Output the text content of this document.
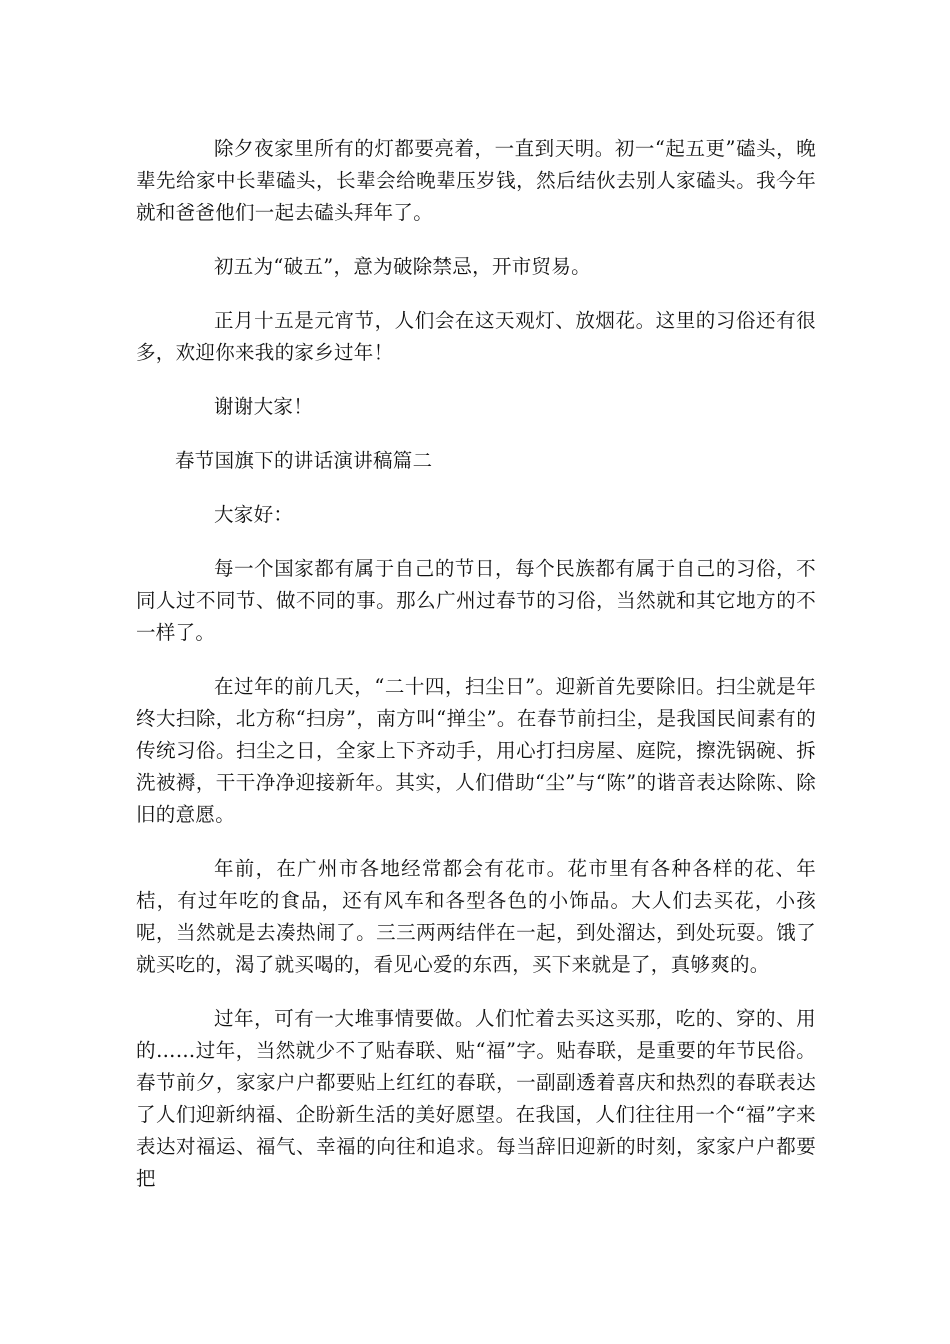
除夕夜家里所有的灯都要亮着，一直到天明。初一“起五更”磕头，晚辈先给家中长辈磕头，长辈会给晚辈压岁钱，然后结伙去别人家磕头。我今年就和爸爸他们一起去磕头拜年了。

初五为“破五”，意为破除禁忌，开市贸易。

正月十五是元宵节，人们会在这天观灯、放烟花。这里的习俗还有很多，欢迎你来我的家乡过年！

谢谢大家！

春节国旗下的讲话演讲稿篇二

大家好：

每一个国家都有属于自己的节日，每个民族都有属于自己的习俗，不同人过不同节、做不同的事。那么广州过春节的习俗，当然就和其它地方的不一样了。

在过年的前几天，“二十四，扫尘日”。迎新首先要除旧。扫尘就是年终大扫除，北方称“扫房”，南方叫“掸尘”。在春节前扫尘，是我国民间素有的传统习俗。扫尘之日，全家上下齐动手，用心打扫房屋、庭院，擦洗锅碗、拆洗被褥，干干净净迎接新年。其实，人们借助“尘”与“陈”的谐音表达除陈、除旧的意愿。

年前，在广州市各地经常都会有花市。花市里有各种各样的花、年桔，有过年吃的食品，还有风车和各型各色的小饰品。大人们去买花，小孩呢，当然就是去凑热闹了。三三两两结伴在一起，到处溜达，到处玩耍。饿了就买吃的，渴了就买喝的，看见心爱的东西，买下来就是了，真够爽的。

过年，可有一大堆事情要做。人们忙着去买这买那，吃的、穿的、用的……过年，当然就少不了贴春联、贴“福”字。贴春联，是重要的年节民俗。春节前夕，家家户户都要贴上红红的春联，一副副透着喜庆和热烈的春联表达了人们迎新纳福、企盼新生活的美好愿望。在我国，人们往往用一个“福”字来表达对福运、福气、幸福的向往和追求。每当辞旧迎新的时刻，家家户户都要把
